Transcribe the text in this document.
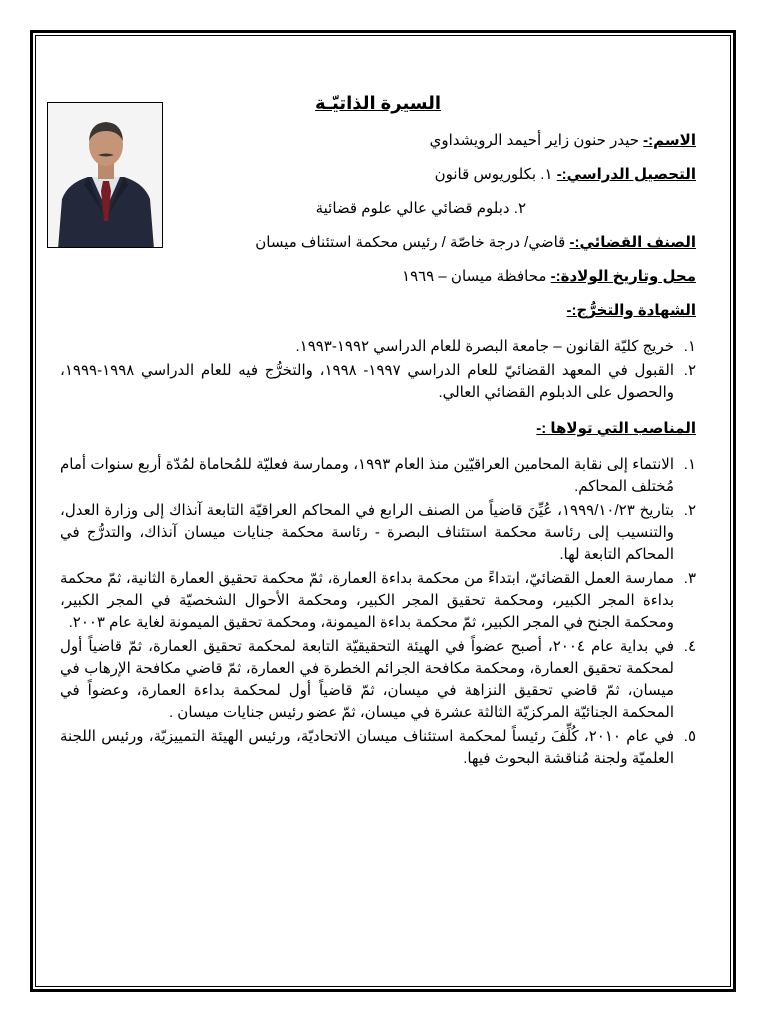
السيرة الذاتيّـة
الاسم:- حيدر حنون زاير أحيمد الرويشداوي
التحصيل الدراسي:- ١. بكلوريوس قانون
٢. دبلوم قضائي عالي علوم قضائية
الصنف القضائي:- قاضي/ درجة خاصّة / رئيس محكمة استئناف ميسان
محل وتاريخ الولادة:- محافظة ميسان – ١٩٦٩
الشهادة والتخرُّج:-
١.
خريج كليّة القانون – جامعة البصرة للعام الدراسي ١٩٩٢-١٩٩٣.
٢.
القبول في المعهد القضائيّ للعام الدراسي ١٩٩٧- ١٩٩٨، والتخرُّج فيه للعام الدراسي ١٩٩٨-١٩٩٩، والحصول على الدبلوم القضائي العالي.
المناصب التي تولاها :-
١.
الانتماء إلى نقابة المحامين العراقيّين منذ العام ١٩٩٣، وممارسة فعليّة للمُحاماة لمُدّة أربع سنوات أمام مُختلف المحاكم.
٢.
بتاريخ ١٩٩٩/١٠/٢٣، عُيِّنَ قاضياً من الصنف الرابع في المحاكم العراقيّة التابعة آنذاك إلى وزارة العدل، والتنسيب إلى رئاسة محكمة استئناف البصرة - رئاسة محكمة جنايات ميسان آنذاك، والتدرُّج في المحاكم التابعة لها.
٣.
ممارسة العمل القضائيّ، ابتداءً من محكمة بداءة العمارة، ثمّ محكمة تحقيق العمارة الثانية، ثمّ محكمة بداءة المجر الكبير، ومحكمة تحقيق المجر الكبير، ومحكمة الأحوال الشخصيّة في المجر الكبير، ومحكمة الجنح في المجر الكبير، ثمّ محكمة بداءة الميمونة، ومحكمة تحقيق الميمونة لغاية عام ٢٠٠٣.
٤.
في بداية عام ٢٠٠٤، أصبح عضواً في الهيئة التحقيقيّة التابعة لمحكمة تحقيق العمارة، ثمّ قاضياً أول لمحكمة تحقيق العمارة، ومحكمة مكافحة الجرائم الخطرة في العمارة، ثمّ قاضي مكافحة الإرهاب في ميسان، ثمّ قاضي تحقيق النزاهة في ميسان، ثمّ قاضياً أول لمحكمة بداءة العمارة، وعضواً في المحكمة الجنائيّة المركزيّة الثالثة عشرة في ميسان، ثمّ عضو رئيس جنايات ميسان .
٥.
في عام ٢٠١٠، كُلِّفَ رئيساً لمحكمة استئناف ميسان الاتحاديّة، ورئيس الهيئة التمييزيّة، ورئيس اللجنة العلميّة ولجنة مُناقشة البحوث فيها.
